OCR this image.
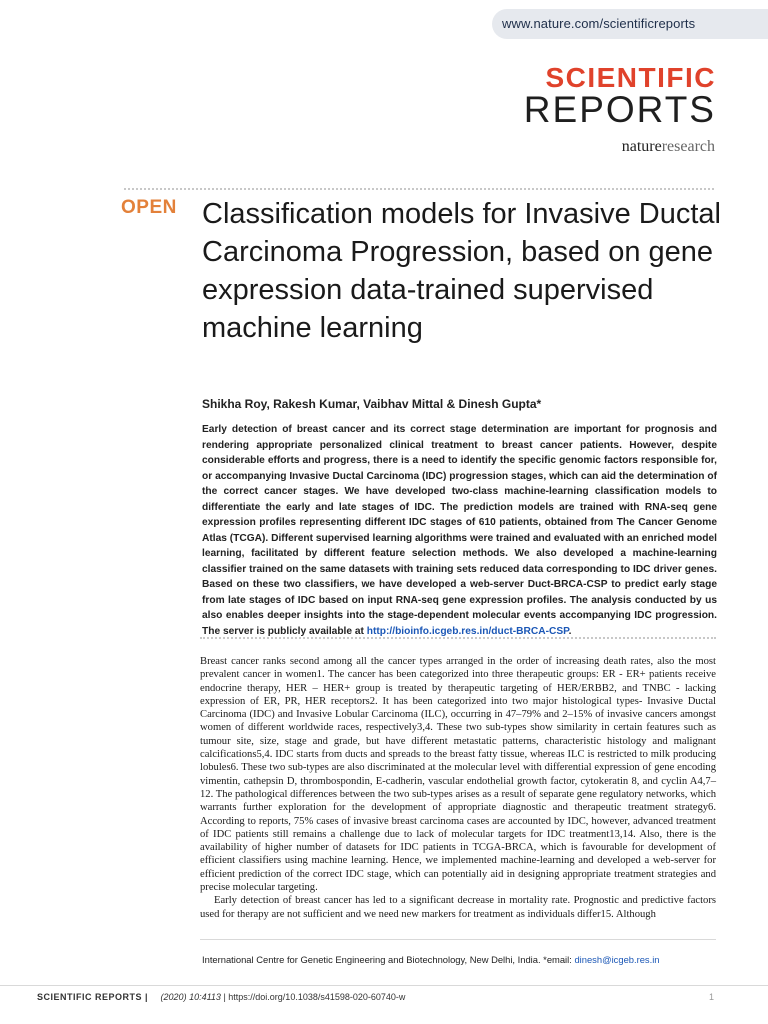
www.nature.com/scientificreports
SCIENTIFIC
REPORTS
natureresearch
OPEN Classification models for Invasive Ductal Carcinoma Progression, based on gene expression data-trained supervised machine learning
Shikha Roy, Rakesh Kumar, Vaibhav Mittal & Dinesh Gupta*

Early detection of breast cancer and its correct stage determination are important for prognosis and rendering appropriate personalized clinical treatment to breast cancer patients. However, despite considerable efforts and progress, there is a need to identify the specific genomic factors responsible for, or accompanying Invasive Ductal Carcinoma (IDC) progression stages, which can aid the determination of the correct cancer stages. We have developed two-class machine-learning classification models to differentiate the early and late stages of IDC. The prediction models are trained with RNA-seq gene expression profiles representing different IDC stages of 610 patients, obtained from The Cancer Genome Atlas (TCGA). Different supervised learning algorithms were trained and evaluated with an enriched model learning, facilitated by different feature selection methods. We also developed a machine-learning classifier trained on the same datasets with training sets reduced data corresponding to IDC driver genes. Based on these two classifiers, we have developed a web-server Duct-BRCA-CSP to predict early stage from late stages of IDC based on input RNA-seq gene expression profiles. The analysis conducted by us also enables deeper insights into the stage-dependent molecular events accompanying IDC progression. The server is publicly available at http://bioinfo.icgeb.res.in/duct-BRCA-CSP.

Breast cancer ranks second among all the cancer types arranged in the order of increasing death rates, also the most prevalent cancer in women1. The cancer has been categorized into three therapeutic groups: ER - ER+ patients receive endocrine therapy, HER – HER+ group is treated by therapeutic targeting of HER/ERBB2, and TNBC - lacking expression of ER, PR, HER receptors2. It has been categorized into two major histological types- Invasive Ductal Carcinoma (IDC) and Invasive Lobular Carcinoma (ILC), occurring in 47–79% and 2–15% of invasive cancers amongst women of different worldwide races, respectively3,4. These two sub-types show similarity in certain features such as tumour site, size, stage and grade, but have different metastatic patterns, characteristic histology and malignant calcifications5,4. IDC starts from ducts and spreads to the breast fatty tissue, whereas ILC is restricted to milk producing lobules6. These two sub-types are also discriminated at the molecular level with differential expression of gene encoding vimentin, cathepsin D, thrombospondin, E-cadherin, vascular endothelial growth factor, cytokeratin 8, and cyclin A4,7–12. The pathological differences between the two sub-types arises as a result of separate gene regulatory networks, which warrants further exploration for the development of appropriate diagnostic and therapeutic treatment strategy6. According to reports, 75% cases of invasive breast carcinoma cases are accounted by IDC, however, advanced treatment of IDC patients still remains a challenge due to lack of molecular targets for IDC treatment13,14. Also, there is the availability of higher number of datasets for IDC patients in TCGA-BRCA, which is favourable for development of efficient classifiers using machine learning. Hence, we implemented machine-learning and developed a web-server for efficient prediction of the correct IDC stage, which can potentially aid in designing appropriate treatment strategies and precise molecular targeting.

Early detection of breast cancer has led to a significant decrease in mortality rate. Prognostic and predictive factors used for therapy are not sufficient and we need new markers for treatment as individuals differ15. Although

International Centre for Genetic Engineering and Biotechnology, New Delhi, India. *email: dinesh@icgeb.res.in
SCIENTIFIC REPORTS | (2020) 10:4113 | https://doi.org/10.1038/s41598-020-60740-w	1
